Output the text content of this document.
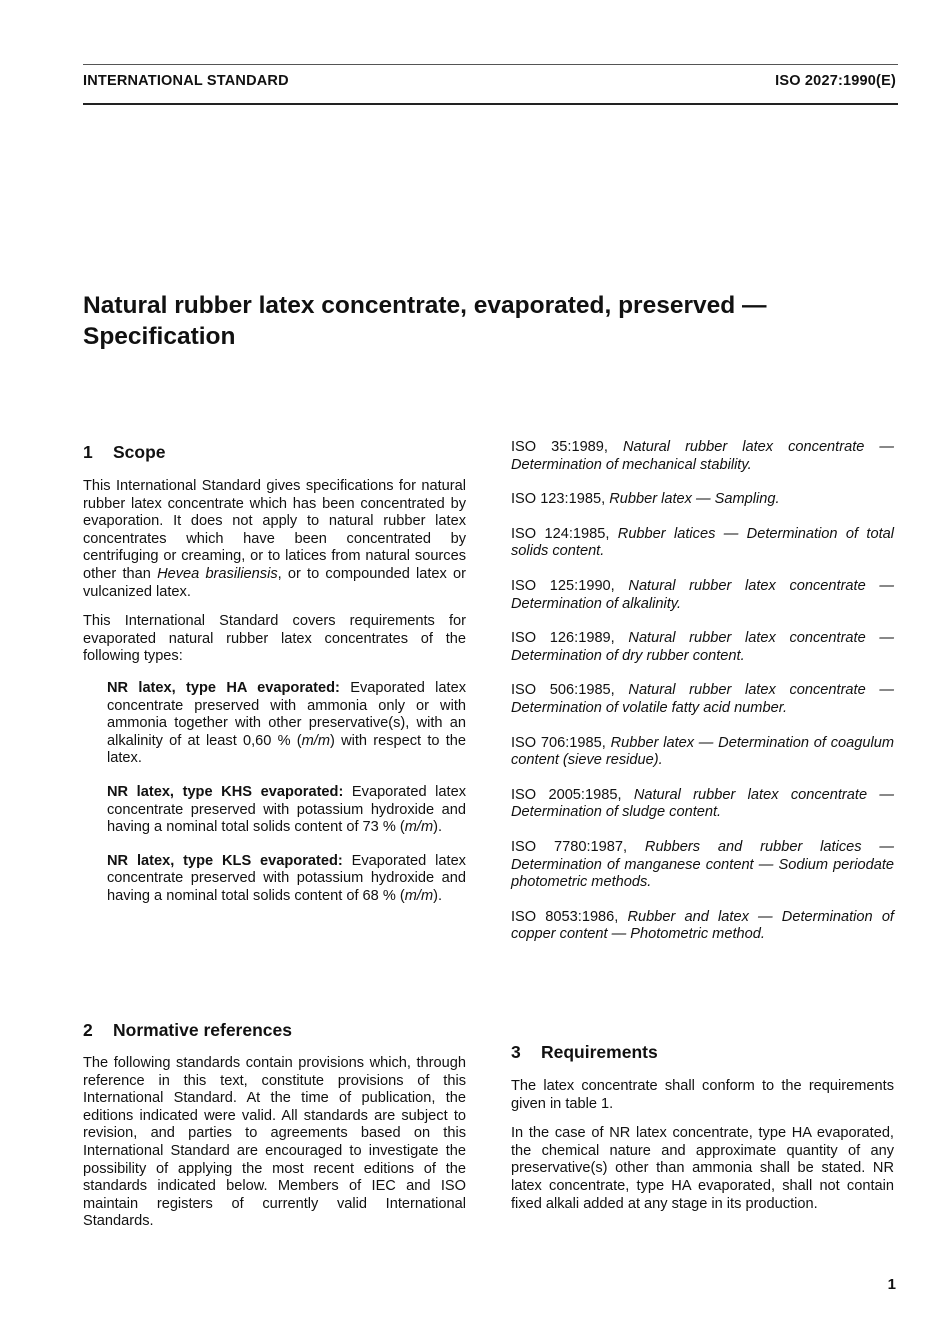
INTERNATIONAL STANDARD	ISO 2027:1990(E)
Natural rubber latex concentrate, evaporated, preserved —
Specification
1 Scope

This International Standard gives specifications for natural rubber latex concentrate which has been concentrated by evaporation. It does not apply to natural rubber latex concentrates which have been concentrated by centrifuging or creaming, or to latices from natural sources other than Hevea brasiliensis, or to compounded latex or vulcanized latex.

This International Standard covers requirements for evaporated natural rubber latex concentrates of the following types:

NR latex, type HA evaporated: Evaporated latex concentrate preserved with ammonia only or with ammonia together with other preservative(s), with an alkalinity of at least 0,60 % (m/m) with respect to the latex.

NR latex, type KHS evaporated: Evaporated latex concentrate preserved with potassium hydroxide and having a nominal total solids content of 73 % (m/m).

NR latex, type KLS evaporated: Evaporated latex concentrate preserved with potassium hydroxide and having a nominal total solids content of 68 % (m/m).

2 Normative references

The following standards contain provisions which, through reference in this text, constitute provisions of this International Standard. At the time of publication, the editions indicated were valid. All standards are subject to revision, and parties to agreements based on this International Standard are encouraged to investigate the possibility of applying the most recent editions of the standards indicated below. Members of IEC and ISO maintain registers of currently valid International Standards.

ISO 35:1989, Natural rubber latex concentrate — Determination of mechanical stability.

ISO 123:1985, Rubber latex — Sampling.

ISO 124:1985, Rubber latices — Determination of total solids content.

ISO 125:1990, Natural rubber latex concentrate — Determination of alkalinity.

ISO 126:1989, Natural rubber latex concentrate — Determination of dry rubber content.

ISO 506:1985, Natural rubber latex concentrate — Determination of volatile fatty acid number.

ISO 706:1985, Rubber latex — Determination of coagulum content (sieve residue).

ISO 2005:1985, Natural rubber latex concentrate — Determination of sludge content.

ISO 7780:1987, Rubbers and rubber latices — Determination of manganese content — Sodium periodate photometric methods.

ISO 8053:1986, Rubber and latex — Determination of copper content — Photometric method.

3 Requirements

The latex concentrate shall conform to the requirements given in table 1.

In the case of NR latex concentrate, type HA evaporated, the chemical nature and approximate quantity of any preservative(s) other than ammonia shall be stated. NR latex concentrate, type HA evaporated, shall not contain fixed alkali added at any stage in its production.

1
